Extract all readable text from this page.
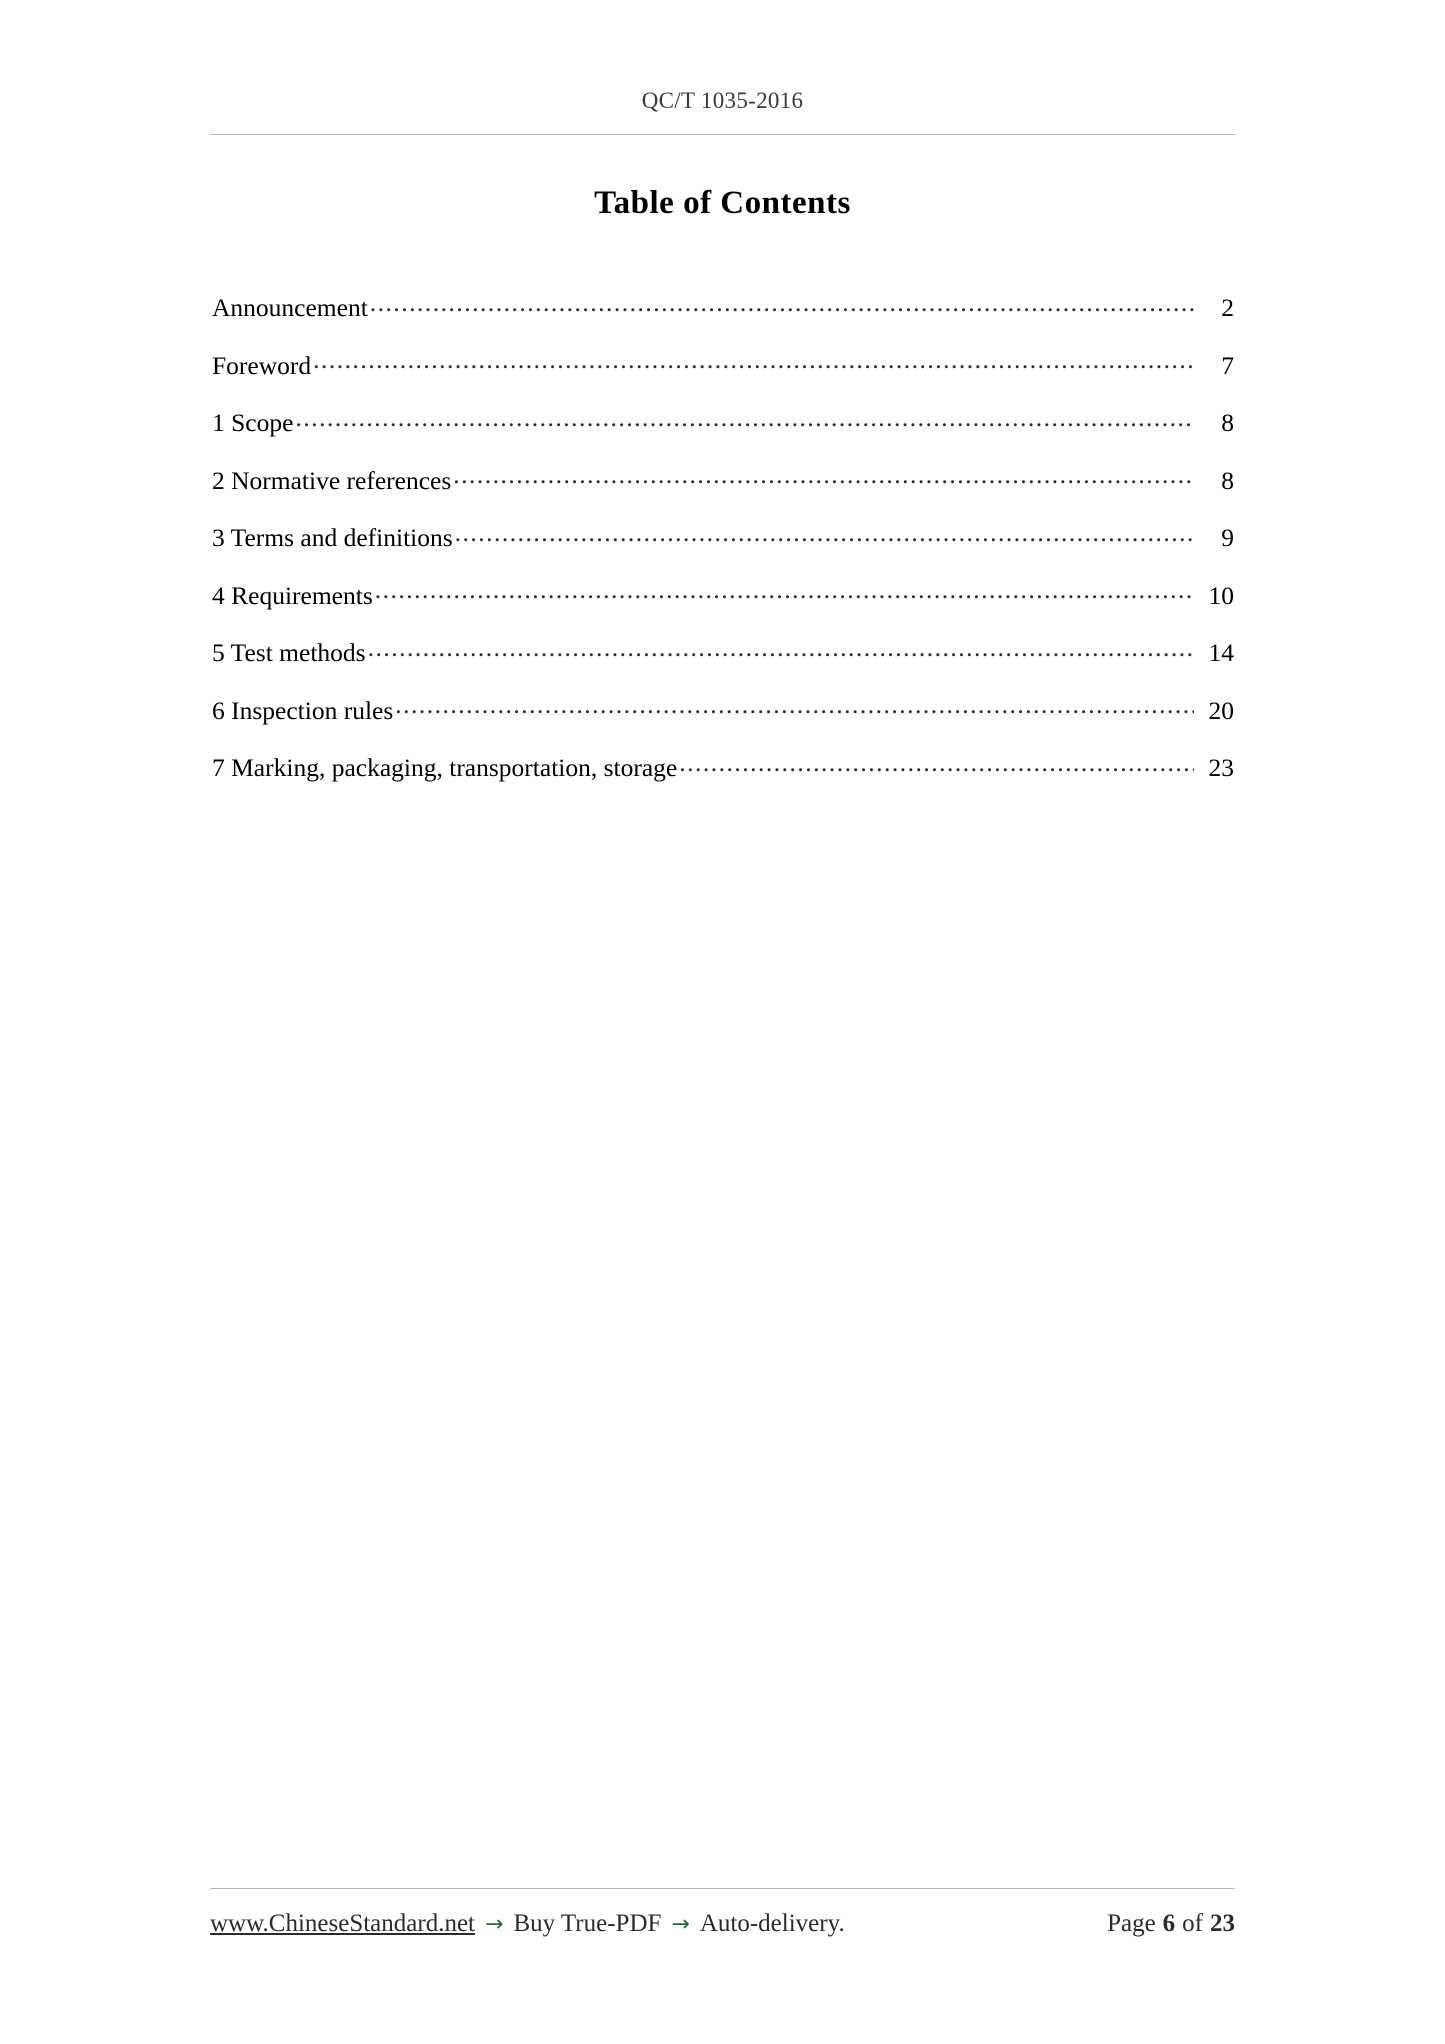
QC/T 1035-2016
Table of Contents
Announcement .....	2
Foreword .....	7
1 Scope .....	8
2 Normative references .....	8
3 Terms and definitions .....	9
4 Requirements .....	10
5 Test methods .....	14
6 Inspection rules .....	20
7 Marking, packaging, transportation, storage .....	23
www.ChineseStandard.net → Buy True-PDF → Auto-delivery.	Page 6 of 23
